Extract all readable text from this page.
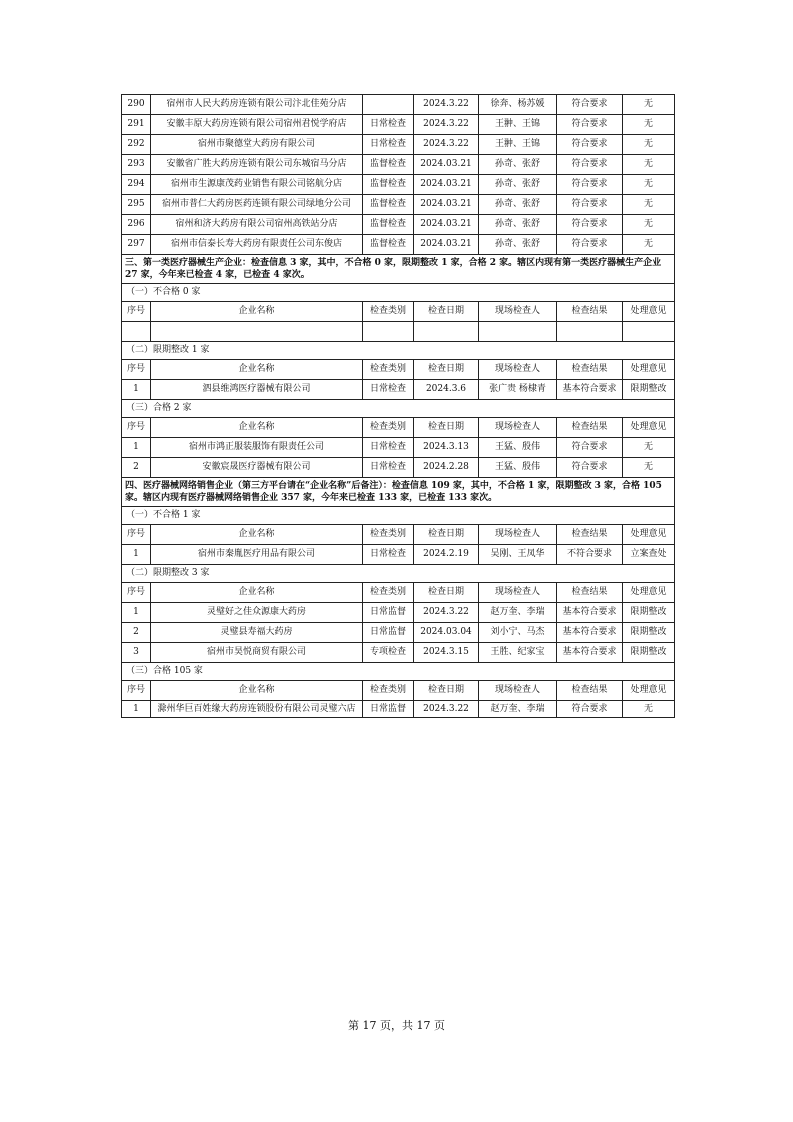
290	宿州市人民大药房连锁有限公司汴北佳苑分店		2024.3.22	徐奔、杨苏媛	符合要求	无
291	安徽丰原大药房连锁有限公司宿州君悦学府店	日常检查	2024.3.22	王翀、王锦	符合要求	无
292	宿州市聚德堂大药房有限公司	日常检查	2024.3.22	王翀、王锦	符合要求	无
293	安徽省广胜大药房连锁有限公司东城宿马分店	监督检查	2024.03.21	孙奇、张舒	符合要求	无
294	宿州市生源康茂药业销售有限公司铭航分店	监督检查	2024.03.21	孙奇、张舒	符合要求	无
295	宿州市普仁大药房医药连锁有限公司绿地分公司	监督检查	2024.03.21	孙奇、张舒	符合要求	无
296	宿州和济大药房有限公司宿州高铁站分店	监督检查	2024.03.21	孙奇、张舒	符合要求	无
297	宿州市信泰长寿大药房有限责任公司东俊店	监督检查	2024.03.21	孙奇、张舒	符合要求	无
三、第一类医疗器械生产企业：检查信息 3 家，其中，不合格 0 家，限期整改 1 家，合格 2 家。辖区内现有第一类医疗器械生产企业 27 家，今年来已检查 4 家，已检查 4 家次。						
（一）不合格 0 家						
序号	企业名称	检查类别	检查日期	现场检查人	检查结果	处理意见

（二）限期整改 1 家						
序号	企业名称	检查类别	检查日期	现场检查人	检查结果	处理意见
1	泗县维鸿医疗器械有限公司	日常检查	2024.3.6	张广贵 杨棣青	基本符合要求	限期整改
（三）合格 2 家						
序号	企业名称	检查类别	检查日期	现场检查人	检查结果	处理意见
1	宿州市鸿正服装服饰有限责任公司	日常检查	2024.3.13	王猛、殷伟	符合要求	无
2	安徽宸晟医疗器械有限公司	日常检查	2024.2.28	王猛、殷伟	符合要求	无
四、医疗器械网络销售企业（第三方平台请在“企业名称”后备注）：检查信息 109 家，其中，不合格 1 家，限期整改 3 家，合格 105 家。辖区内现有医疗器械网络销售企业 357 家，今年来已检查 133 家，已检查 133 家次。						
（一）不合格 1 家						
序号	企业名称	检查类别	检查日期	现场检查人	检查结果	处理意见
1	宿州市秦胤医疗用品有限公司	日常检查	2024.2.19	吴刚、王凤华	不符合要求	立案查处
（二）限期整改 3 家						
序号	企业名称	检查类别	检查日期	现场检查人	检查结果	处理意见
1	灵璧好之佳众源康大药房	日常监督	2024.3.22	赵万奎、李瑞	基本符合要求	限期整改
2	灵璧县寿福大药房	日常监督	2024.03.04	刘小宁、马杰	基本符合要求	限期整改
3	宿州市昊悦商贸有限公司	专项检查	2024.3.15	王胜、纪家宝	基本符合要求	限期整改
（三）合格 105 家						
序号	企业名称	检查类别	检查日期	现场检查人	检查结果	处理意见
1	滁州华巨百姓缘大药房连锁股份有限公司灵璧六店	日常监督	2024.3.22	赵万奎、李瑞	符合要求	无
第 17 页，共 17 页
